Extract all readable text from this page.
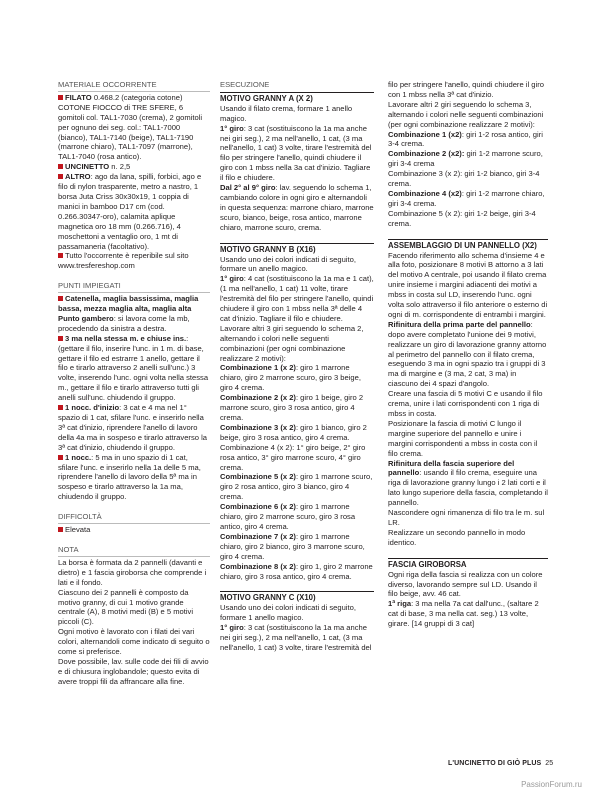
MATERIALE OCCORRENTE

FILATO 0.468.2 (categoria cotone) COTONE FIOCCO di TRE SFERE, 6 gomitoli col. TAL1-7030 (crema), 2 gomitoli per ognuno dei seg. col.: TAL1-7000 (bianco), TAL1-7140 (beige), TAL1-7190 (marrone chiaro), TAL1-7097 (marrone), TAL1-7040 (rosa antico).

UNCINETTO n. 2,5

ALTRO: ago da lana, spilli, forbici, ago e filo di nylon trasparente, metro a nastro, 1 borsa Juta Criss 30x30x19, 1 coppia di manici in bamboo D17 cm (cod. 0.266.30347-oro), calamita aplique magnetica oro 18 mm (0.266.716), 4 moschettoni a ventaglio oro, 1 mt di passamaneria (facoltativo).

Tutto l'occorrente è reperibile sul sito www.tresfereshop.com

PUNTI IMPIEGATI

Catenella, maglia bassissima, maglia bassa, mezza maglia alta, maglia alta
Punto gambero: si lavora come la mb, procedendo da sinistra a destra.

3 ma nella stessa m. e chiuse ins.: (gettare il filo, inserire l'unc. in 1 m. di base, gettare il filo ed estrarre 1 anello, gettare il filo e tirarlo attraverso 2 anelli sull'unc.) 3 volte, inserendo l'unc. ogni volta nella stessa m., gettare il filo e tirarlo attraverso tutti gli anelli sull'unc. chiudendo il gruppo.

1 nocc. d'inizio: 3 cat e 4 ma nel 1° spazio di 1 cat, sfilare l'unc. e inserirlo nella 3ª cat d'inizio, riprendere l'anello di lavoro della 4a ma in sospeso e tirarlo attraverso la 3ª cat d'inizio, chiudendo il gruppo.

1 nocc.: 5 ma in uno spazio di 1 cat, sfilare l'unc. e inserirlo nella 1a delle 5 ma, riprendere l'anello di lavoro della 5ª ma in sospeso e tirarlo attraverso la 1a ma, chiudendo il gruppo.

DIFFICOLTÀ

Elevata

NOTA

La borsa è formata da 2 pannelli (davanti e dietro) e 1 fascia giroborsa che comprende i lati e il fondo.

Ciascuno dei 2 pannelli è composto da motivo granny, di cui 1 motivo grande centrale (A), 8 motivi medi (B) e 5 motivi piccoli (C).

Ogni motivo è lavorato con i filati dei vari colori, alternandoli come indicato di seguito o come si preferisce.

Dove possibile, lav. sulle code dei fili di avvio e di chiusura inglobandole; questo evita di avere troppi fili da affrancare alla fine.

ESECUZIONE
MOTIVO GRANNY A (X 2)

Usando il filato crema, formare 1 anello magico.

1° giro: 3 cat (sostituiscono la 1a ma anche nei giri seg.), 2 ma nell'anello, 1 cat, (3 ma nell'anello, 1 cat) 3 volte, tirare l'estremità del filo per stringere l'anello, quindi chiudere il giro con 1 mbss nella 3a cat d'inizio. Tagliare il filo e chiudere.

Dal 2° al 9° giro: lav. seguendo lo schema 1, cambiando colore in ogni giro e alternandoli in questa sequenza: marrone chiaro, marrone scuro, bianco, beige, rosa antico, marrone chiaro, marrone scuro, crema.

MOTIVO GRANNY B (X16)

Usando uno dei colori indicati di seguito, formare un anello magico.

1° giro: 4 cat (sostituiscono la 1a ma e 1 cat), (1 ma nell'anello, 1 cat) 11 volte, tirare l'estremità del filo per stringere l'anello, quindi chiudere il giro con 1 mbss nella 3ª delle 4 cat d'inizio. Tagliare il filo e chiudere.

Lavorare altri 3 giri seguendo lo schema 2, alternando i colori nelle seguenti combinazioni (per ogni combinazione realizzare 2 motivi):

Combinazione 1 (x 2): giro 1 marrone chiaro, giro 2 marrone scuro, giro 3 beige, giro 4 crema.

Combinazione 2 (x 2): giro 1 beige, giro 2 marrone scuro, giro 3 rosa antico, giro 4 crema.

Combinazione 3 (x 2): giro 1 bianco, giro 2 beige, giro 3 rosa antico, giro 4 crema. Combinazione 4 (x 2): 1° giro beige, 2° giro rosa antico, 3° giro marrone scuro, 4° giro crema.

Combinazione 5 (x 2): giro 1 marrone scuro, giro 2 rosa antico, giro 3 bianco, giro 4 crema.

Combinazione 6 (x 2): giro 1 marrone chiaro, giro 2 marrone scuro, giro 3 rosa antico, giro 4 crema.

Combinazione 7 (x 2): giro 1 marrone chiaro, giro 2 bianco, giro 3 marrone scuro, giro 4 crema.

Combinazione 8 (x 2): giro 1, giro 2 marrone chiaro, giro 3 rosa antico, giro 4 crema.

MOTIVO GRANNY C (X10)

Usando uno dei colori indicati di seguito, formare 1 anello magico.

1° giro: 3 cat (sostituiscono la 1a ma anche nei giri seg.), 2 ma nell'anello, 1 cat, (3 ma nell'anello, 1 cat) 3 volte, tirare l'estremità del

filo per stringere l'anello, quindi chiudere il giro con 1 mbss nella 3ª cat d'inizio.

Lavorare altri 2 giri seguendo lo schema 3, alternando i colori nelle seguenti combinazioni (per ogni combinazione realizzare 2 motivi):

Combinazione 1 (x2): giri 1-2 rosa antico, giri 3-4 crema.

Combinazione 2 (x2): giri 1-2 marrone scuro, giri 3-4 crema

Combinazione 3 (x 2): giri 1-2 bianco, giri 3-4 crema.

Combinazione 4 (x2): giri 1-2 marrone chiaro, giri 3-4 crema.

Combinazione 5 (x 2): giri 1-2 beige, giri 3-4 crema.

ASSEMBLAGGIO DI UN PANNELLO (X2)

Facendo riferimento allo schema d'insieme 4 e alla foto, posizionare 8 motivi B attorno a 3 lati del motivo A centrale, poi usando il filato crema unire insieme i margini adiacenti dei motivi a mbss in costa sul LD, inserendo l'unc. ogni volta solo attraverso il filo anteriore o esterno di ogni di m. corrispondente di entrambi i margini.

Rifinitura della prima parte del pannello: dopo avere completato l'unione dei 9 motivi, realizzare un giro di lavorazione granny attorno al perimetro del pannello con il filato crema, eseguendo 3 ma in ogni spazio tra i gruppi di 3 ma di margine e (3 ma, 2 cat, 3 ma) in ciascuno dei 4 spazi d'angolo.

Creare una fascia di 5 motivi C e usando il filo crema, unire i lati corrispondenti con 1 riga di mbss in costa.

Posizionare la fascia di motivi C lungo il margine superiore del pannello e unire i margini corrispondenti a mbss in costa con il filo crema.

Rifinitura della fascia superiore del pannello: usando il filo crema, eseguire una riga di lavorazione granny lungo i 2 lati corti e il lato lungo superiore della fascia, completando il pannello.

Nascondere ogni rimanenza di filo tra le m. sul LR.

Realizzare un secondo pannello in modo identico.

FASCIA GIROBORSA

Ogni riga della fascia si realizza con un colore diverso, lavorando sempre sul LD. Usando il filo beige, avv. 46 cat.

1ª riga: 3 ma nella 7a cat dall'unc., (saltare 2 cat di base, 3 ma nella cat. seg.) 13 volte, girare. [14 gruppi di 3 cat]

L'UNCINETTO DI GIÒ PLUS 25
PassionForum.ru
